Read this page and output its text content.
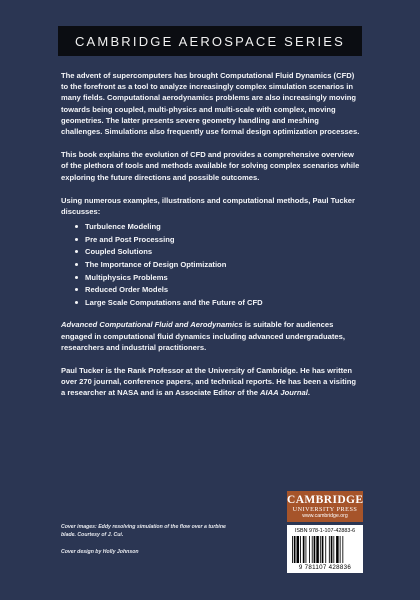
CAMBRIDGE AEROSPACE SERIES

The advent of supercomputers has brought Computational Fluid Dynamics (CFD) to the forefront as a tool to analyze increasingly complex simulation scenarios in many fields. Computational aerodynamics problems are also increasingly moving towards being coupled, multi-physics and multi-scale with complex, moving geometries. The latter presents severe geometry handling and meshing challenges. Simulations also frequently use formal design optimization processes.

This book explains the evolution of CFD and provides a comprehensive overview of the plethora of tools and methods available for solving complex scenarios while exploring the future directions and possible outcomes.

Using numerous examples, illustrations and computational methods, Paul Tucker discusses:

Turbulence Modeling
Pre and Post Processing
Coupled Solutions
The Importance of Design Optimization
Multiphysics Problems
Reduced Order Models
Large Scale Computations and the Future of CFD

Advanced Computational Fluid and Aerodynamics is suitable for audiences engaged in computational fluid dynamics including advanced undergraduates, researchers and industrial practitioners.

Paul Tucker is the Rank Professor at the University of Cambridge. He has written over 270 journal, conference papers, and technical reports. He has been a visiting a researcher at NASA and is an Associate Editor of the AIAA Journal.

Cover images: Eddy resolving simulation of the flow over a turbine blade. Courtesy of J. Cui.
Cover design by Holly Johnson
CAMBRIDGE
UNIVERSITY PRESS
www.cambridge.org
ISBN 978-1-107-42883-6
9 781107 428836
